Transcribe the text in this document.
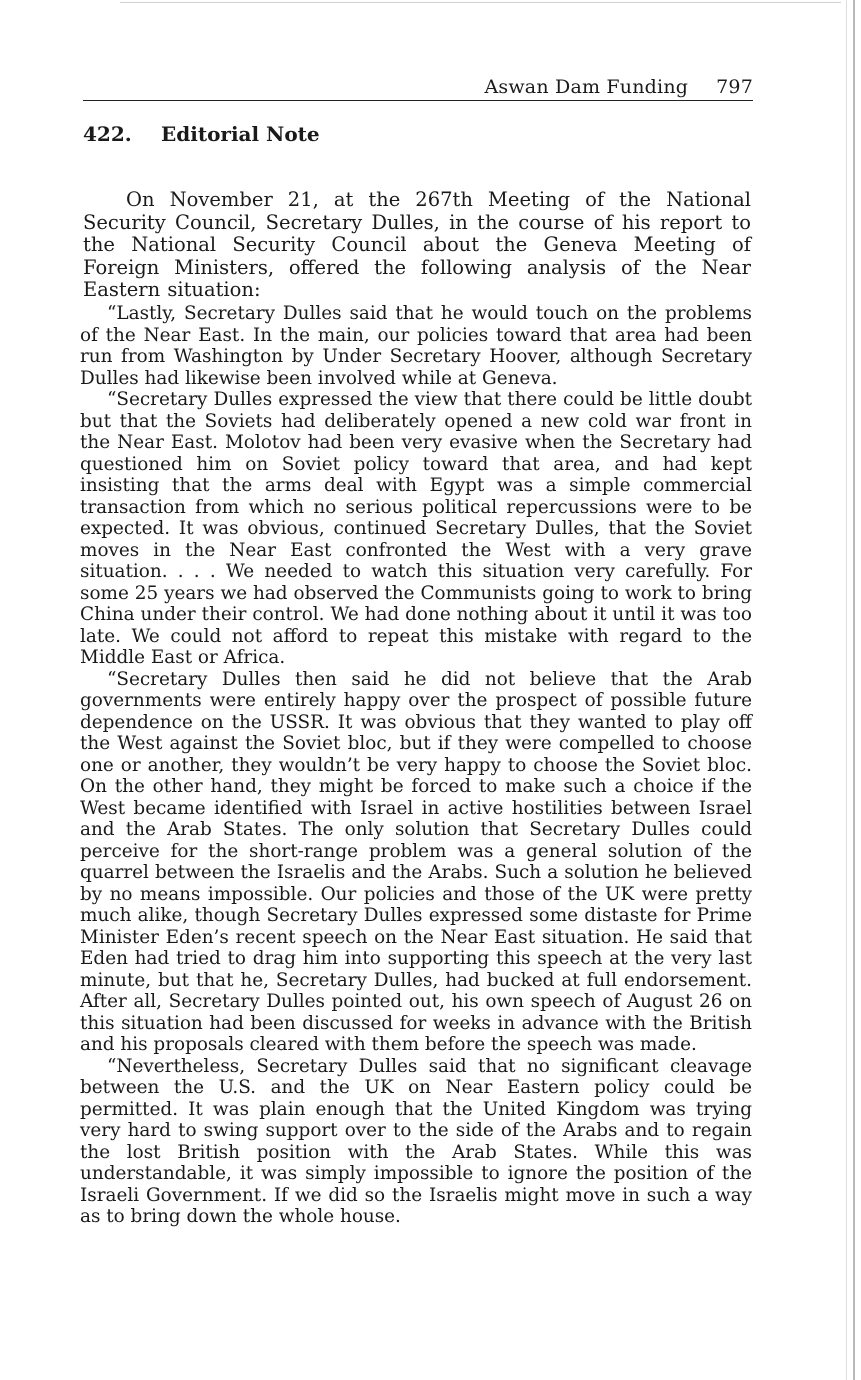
Aswan Dam Funding 797
422. Editorial Note

On November 21, at the 267th Meeting of the National Security Council, Secretary Dulles, in the course of his report to the National Security Council about the Geneva Meeting of Foreign Ministers, offered the following analysis of the Near Eastern situation:

“Lastly, Secretary Dulles said that he would touch on the problems of the Near East. In the main, our policies toward that area had been run from Washington by Under Secretary Hoover, although Secretary Dulles had likewise been involved while at Geneva.

“Secretary Dulles expressed the view that there could be little doubt but that the Soviets had deliberately opened a new cold war front in the Near East. Molotov had been very evasive when the Secretary had questioned him on Soviet policy toward that area, and had kept insisting that the arms deal with Egypt was a simple commercial transaction from which no serious political repercussions were to be expected. It was obvious, continued Secretary Dulles, that the Soviet moves in the Near East confronted the West with a very grave situation. . . . We needed to watch this situation very carefully. For some 25 years we had observed the Communists going to work to bring China under their control. We had done nothing about it until it was too late. We could not afford to repeat this mistake with regard to the Middle East or Africa.

“Secretary Dulles then said he did not believe that the Arab governments were entirely happy over the prospect of possible future dependence on the USSR. It was obvious that they wanted to play off the West against the Soviet bloc, but if they were compelled to choose one or another, they wouldn’t be very happy to choose the Soviet bloc. On the other hand, they might be forced to make such a choice if the West became identified with Israel in active hostilities between Israel and the Arab States. The only solution that Secretary Dulles could perceive for the short-range problem was a general solution of the quarrel between the Israelis and the Arabs. Such a solution he believed by no means impossible. Our policies and those of the UK were pretty much alike, though Secretary Dulles expressed some distaste for Prime Minister Eden’s recent speech on the Near East situation. He said that Eden had tried to drag him into supporting this speech at the very last minute, but that he, Secretary Dulles, had bucked at full endorsement. After all, Secretary Dulles pointed out, his own speech of August 26 on this situation had been discussed for weeks in advance with the British and his proposals cleared with them before the speech was made.

“Nevertheless, Secretary Dulles said that no significant cleavage between the U.S. and the UK on Near Eastern policy could be permitted. It was plain enough that the United Kingdom was trying very hard to swing support over to the side of the Arabs and to regain the lost British position with the Arab States. While this was understandable, it was simply impossible to ignore the position of the Israeli Government. If we did so the Israelis might move in such a way as to bring down the whole house.
